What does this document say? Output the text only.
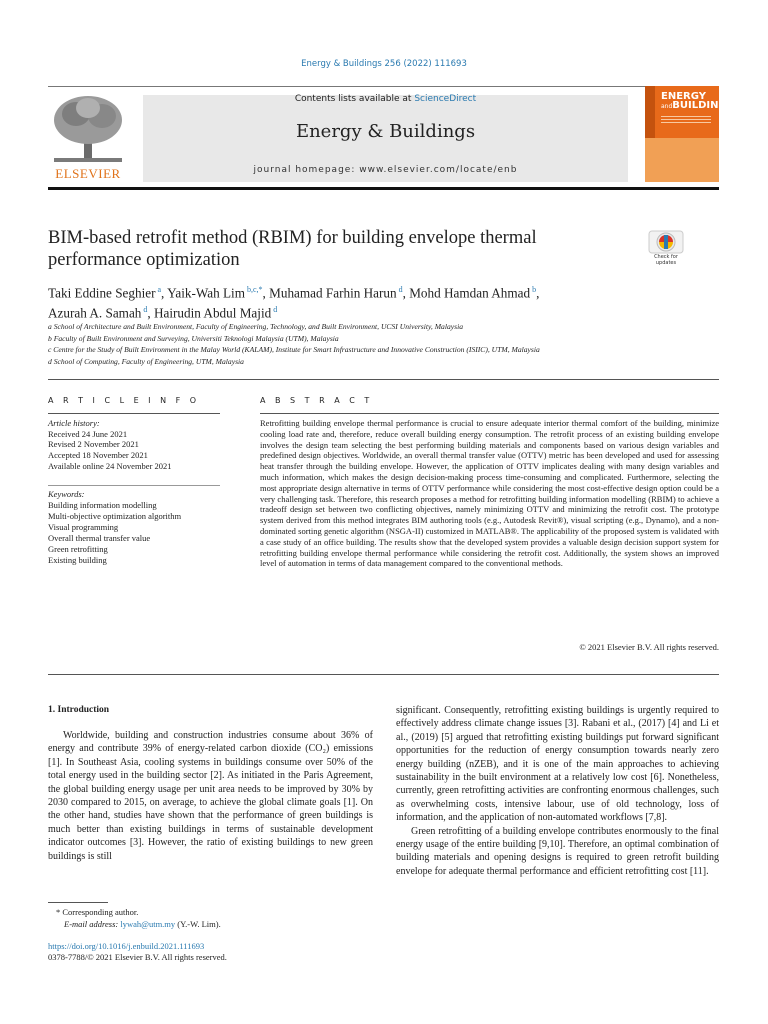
Energy & Buildings 256 (2022) 111693
ELSEVIER
Contents lists available at ScienceDirect
Energy & Buildings
journal homepage: www.elsevier.com/locate/enb
ENERGY
andBUILDINGS
BIM-based retrofit method (RBIM) for building envelope thermal performance optimization	Check for updates
Taki Eddine Seghier $^a$, Yaik-Wah Lim $^{b,c,*}$, Muhamad Farhin Harun $^d$, Mohd Hamdan Ahmad $^b$,
Azurah A. Samah $^d$, Hairudin Abdul Majid $^d$
a School of Architecture and Built Environment, Faculty of Engineering, Technology, and Built Environment, UCSI University, Malaysia
b Faculty of Built Environment and Surveying, Universiti Teknologi Malaysia (UTM), Malaysia
c Centre for the Study of Built Environment in the Malay World (KALAM), Institute for Smart Infrastructure and Innovative Construction (ISIIC), UTM, Malaysia
d School of Computing, Faculty of Engineering, UTM, Malaysia
A R T I C L E I N F O	A B S T R A C T
Article history:
Received 24 June 2021
Revised 2 November 2021
Accepted 18 November 2021
Available online 24 November 2021
Keywords:
Building information modelling
Multi-objective optimization algorithm
Visual programming
Overall thermal transfer value
Green retrofitting
Existing building
Retrofitting building envelope thermal performance is crucial to ensure adequate interior thermal comfort of the building, minimize cooling load rate and, therefore, reduce overall building energy consumption. The retrofit process of an existing building envelope involves the design team selecting the best performing building materials and components based on various design variables and predefined design objectives. Worldwide, an overall thermal transfer value (OTTV) metric has been developed and used for assessing heat transfer through the building envelope. However, the application of OTTV implicates dealing with many design variables and much information, which makes the design decision-making process time-consuming and complicated. Furthermore, selecting the most appropriate design alternative in terms of OTTV performance while considering the most cost-effective design option could be a very challenging task. Therefore, this research proposes a method for retrofitting building information modelling (RBIM) to achieve a tradeoff design set between two conflicting objectives, namely minimizing OTTV and minimizing the retrofit cost. The prototype system derived from this method integrates BIM authoring tools (e.g., Autodesk Revit®), visual scripting (e.g., Dynamo), and a non-dominated sorting genetic algorithm (NSGA-II) customized in MATLAB®. The applicability of the proposed system is validated with a case study of an office building. The results show that the developed system provides a valuable design decision support system for retrofitting building envelope thermal performance while considering the retrofit cost. Additionally, the system shows an improved level of automation in terms of data management compared to the conventional methods.
© 2021 Elsevier B.V. All rights reserved.
1. Introduction

Worldwide, building and construction industries consume about 36% of energy and contribute 39% of energy-related carbon dioxide (CO₂) emissions [1]. In Southeast Asia, cooling systems in buildings consume over 50% of the total energy used in the building sector [2]. As initiated in the Paris Agreement, the global building energy usage per unit area needs to be improved by 30% by 2030 compared to 2015, on average, to achieve the global climate goals [1]. On the other hand, studies have shown that the performance of green buildings is much better than existing buildings in terms of sustainable development indicator outcomes [3]. However, the ratio of existing buildings to new green buildings is still

significant. Consequently, retrofitting existing buildings is urgently required to effectively address climate change issues [3]. Rabani et al., (2017) [4] and Li et al., (2019) [5] argued that retrofitting existing buildings put forward significant opportunities for the reduction of energy consumption towards nearly zero energy building (nZEB), and it is one of the main approaches to achieving sustainability in the built environment at a relatively low cost [6]. Nonetheless, currently, green retrofitting activities are confronting enormous challenges, such as overwhelming costs, intensive labour, use of old technology, loss of information, and the application of non-automated workflows [7,8].

Green retrofitting of a building envelope contributes enormously to the final energy usage of the entire building [9,10]. Therefore, an optimal combination of building materials and opening designs is required to green retrofit building envelope for adequate thermal performance and efficient retrofitting cost [11].

* Corresponding author.
E-mail address: lywah@utm.my (Y.-W. Lim).
https://doi.org/10.1016/j.enbuild.2021.111693
0378-7788/© 2021 Elsevier B.V. All rights reserved.
